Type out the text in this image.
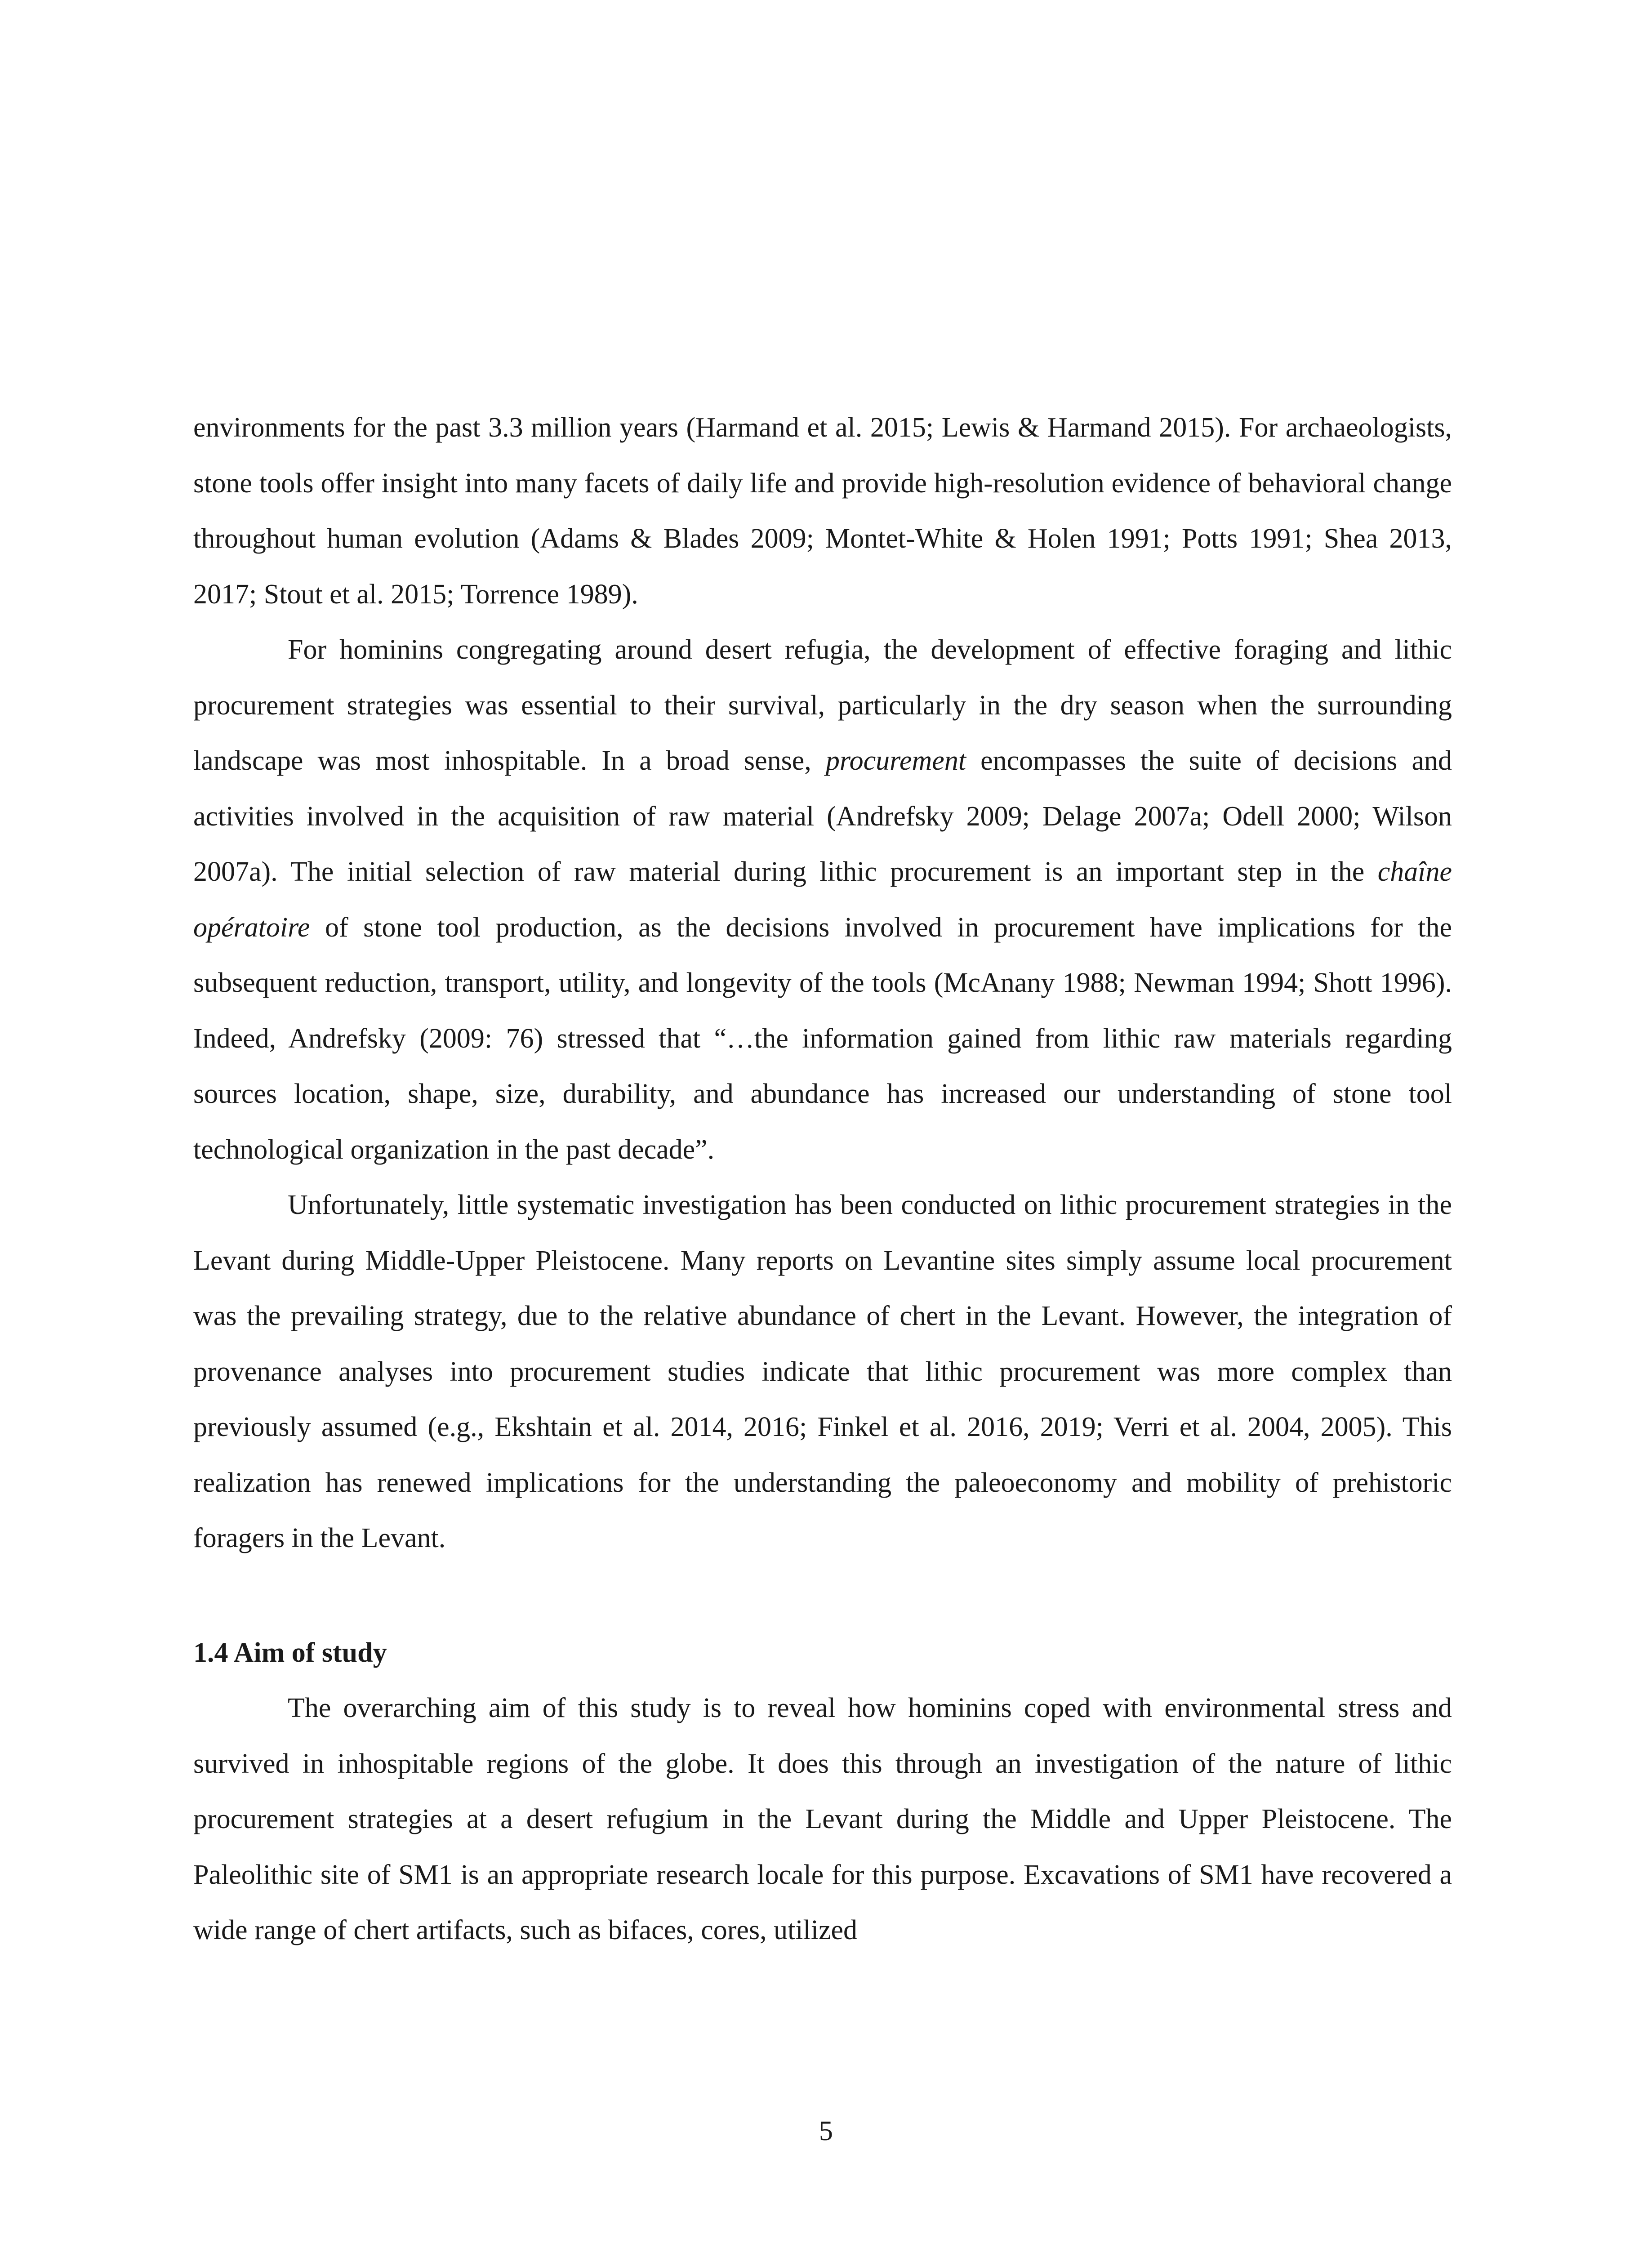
environments for the past 3.3 million years (Harmand et al. 2015; Lewis & Harmand 2015). For archaeologists, stone tools offer insight into many facets of daily life and provide high-resolution evidence of behavioral change throughout human evolution (Adams & Blades 2009; Montet-White & Holen 1991; Potts 1991; Shea 2013, 2017; Stout et al. 2015; Torrence 1989).

For hominins congregating around desert refugia, the development of effective foraging and lithic procurement strategies was essential to their survival, particularly in the dry season when the surrounding landscape was most inhospitable. In a broad sense, procurement encompasses the suite of decisions and activities involved in the acquisition of raw material (Andrefsky 2009; Delage 2007a; Odell 2000; Wilson 2007a). The initial selection of raw material during lithic procurement is an important step in the chaîne opératoire of stone tool production, as the decisions involved in procurement have implications for the subsequent reduction, transport, utility, and longevity of the tools (McAnany 1988; Newman 1994; Shott 1996). Indeed, Andrefsky (2009: 76) stressed that “…the information gained from lithic raw materials regarding sources location, shape, size, durability, and abundance has increased our understanding of stone tool technological organization in the past decade”.

Unfortunately, little systematic investigation has been conducted on lithic procurement strategies in the Levant during Middle-Upper Pleistocene. Many reports on Levantine sites simply assume local procurement was the prevailing strategy, due to the relative abundance of chert in the Levant. However, the integration of provenance analyses into procurement studies indicate that lithic procurement was more complex than previously assumed (e.g., Ekshtain et al. 2014, 2016; Finkel et al. 2016, 2019; Verri et al. 2004, 2005). This realization has renewed implications for the understanding the paleoeconomy and mobility of prehistoric foragers in the Levant.

1.4 Aim of study

The overarching aim of this study is to reveal how hominins coped with environmental stress and survived in inhospitable regions of the globe. It does this through an investigation of the nature of lithic procurement strategies at a desert refugium in the Levant during the Middle and Upper Pleistocene. The Paleolithic site of SM1 is an appropriate research locale for this purpose. Excavations of SM1 have recovered a wide range of chert artifacts, such as bifaces, cores, utilized

5
